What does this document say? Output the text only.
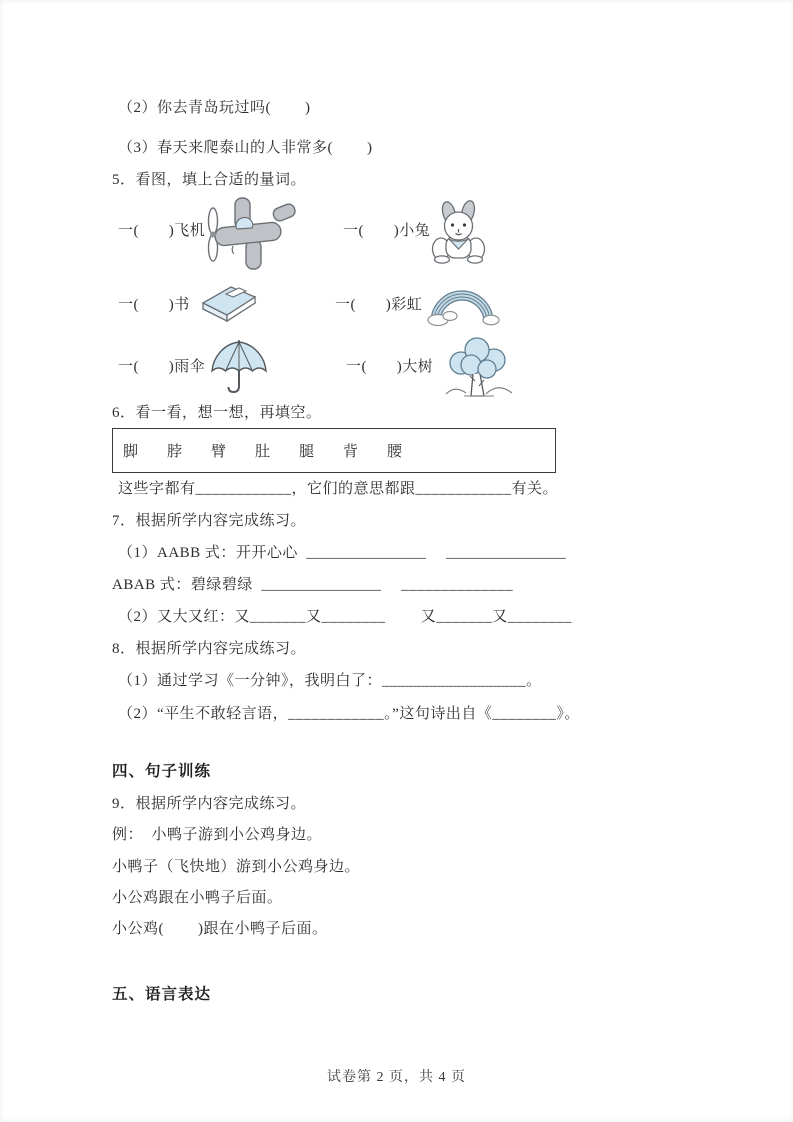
（2）你去青岛玩过吗(        )
（3）春天来爬泰山的人非常多(        )
5．看图，填上合适的量词。
一(       )飞机	一(       )小兔
一(       )书	一(       )彩虹
一(       )雨伞	一(       )大树
6．看一看，想一想，再填空。
脚	脖	臂	肚	腿	背	腰
这些字都有____________，它们的意思都跟____________有关。
7．根据所学内容完成练习。
（1）AABB 式：开开心心  _______________　 _______________
ABAB 式：碧绿碧绿  _______________　 ______________
（2）又大又红：又_______又________　　 又_______又________
8．根据所学内容完成练习。
（1）通过学习《一分钟》，我明白了：__________________。
（2）“平生不敢轻言语，____________。”这句诗出自《________》。
四、句子训练
9．根据所学内容完成练习。
例：  小鸭子游到小公鸡身边。
小鸭子（飞快地）游到小公鸡身边。
小公鸡跟在小鸭子后面。
小公鸡(        )跟在小鸭子后面。
五、语言表达
试卷第 2 页，共 4 页
